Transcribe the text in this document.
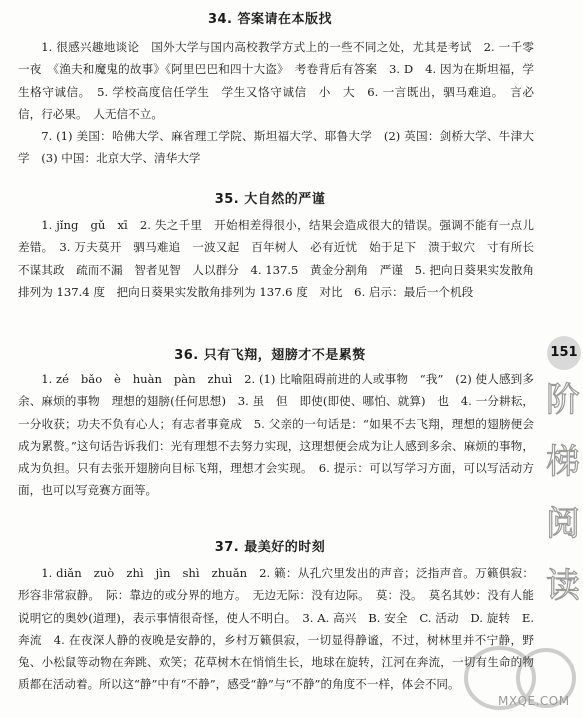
34. 答案请在本版找

1. 很感兴趣地谈论　国外大学与国内高校教学方式上的一些不同之处，尤其是考试　2. 一千零一夜　《渔夫和魔鬼的故事》《阿里巴巴和四十大盗》　考卷背后有答案　3. D　4. 因为在斯坦福，学生格守诚信。　5. 学校高度信任学生　学生又恪守诚信　小　大　6. 一言既出，驷马难追。　言必信，行必果。　人无信不立。

7. (1) 美国：哈佛大学、麻省理工学院、斯坦福大学、耶鲁大学　(2) 英国：剑桥大学、牛津大学　(3) 中国：北京大学、清华大学

35. 大自然的严谨

1. jǐng　gǔ　xī　2. 失之千里　开始相差得很小，结果会造成很大的错误。强调不能有一点儿差错。　3. 万夫莫开　驷马难追　一波又起　百年树人　必有近忧　始于足下　溃于蚁穴　寸有所长　不谋其政　疏而不漏　智者见智　人以群分　4. 137.5　黄金分割角　严谨　5. 把向日葵果实发散角排列为 137.4 度　把向日葵果实发散角排列为 137.6 度　对比　6. 启示：最后一个机段

36. 只有飞翔，翅膀才不是累赘

1. zé　bǎo　è　huàn　pàn　zhuì　2. (1) 比喻阻碍前进的人或事物　“我”　(2) 使人感到多余、麻烦的事物　理想的翅膀(任何思想)　3. 虽　但　即使(即使、哪怕、就算)　也　4. 一分耕耘，一分收获；功夫不负有心人；有志者事竟成　5. 父亲的一句话是：“如果不去飞翔，理想的翅膀便会成为累赘。”这句话告诉我们：光有理想不去努力实现，这理想便会成为让人感到多余、麻烦的事物，成为负担。只有去张开翅膀向目标飞翔，理想才会实现。　6. 提示：可以写学习方面，可以写活动方面，也可以写竞赛方面等。

37. 最美好的时刻

1. diǎn　zuò　zhì　jìn　shì　zhuǎn　2. 籁：从孔穴里发出的声音；泛指声音。万籁俱寂：形容非常寂静。　际：靠边的或分界的地方。　无边无际：没有边际。　莫：没。　莫名其妙：没有人能说明它的奥妙(道理)，表示事情很奇怪，使人不明白。　3. A. 高兴　B. 安全　C. 活动　D. 旋转　E. 奔流　4. 在夜深人静的夜晚是安静的，乡村万籁俱寂，一切显得静谧，不过，树林里并不宁静，野兔、小松鼠等动物在奔跳、欢笑；花草树木在悄悄生长，地球在旋转，江河在奔流，一切有生命的物质都在活动着。所以这“静”中有“不静”，感受“静”与“不静”的角度不一样，体会不同。

151
阶
梯
阅
读
MXQE.COM
